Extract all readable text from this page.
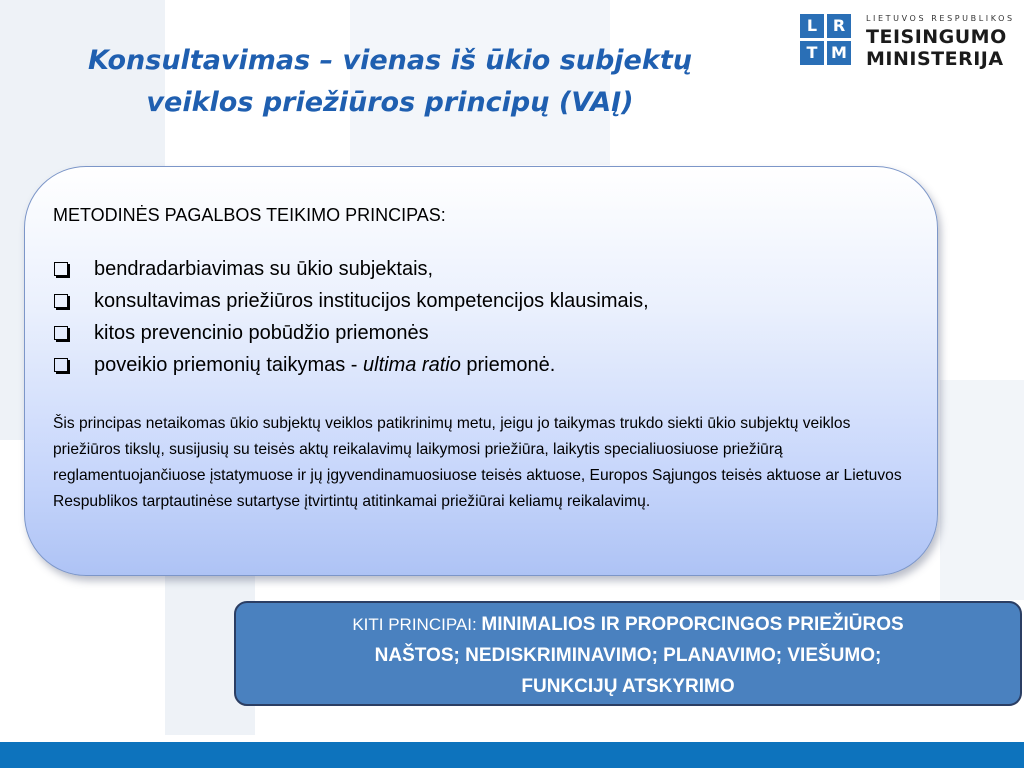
Konsultavimas – vienas iš ūkio subjektų
veiklos priežiūros principų (VAĮ)
L R
T M
LIETUVOS RESPUBLIKOS
TEISINGUMO
MINISTERIJA
METODINĖS PAGALBOS TEIKIMO PRINCIPAS:
bendradarbiavimas su ūkio subjektais,
konsultavimas priežiūros institucijos kompetencijos klausimais,
kitos prevencinio pobūdžio priemonės
poveikio priemonių taikymas - ultima ratio priemonė.

Šis principas netaikomas ūkio subjektų veiklos patikrinimų metu, jeigu jo taikymas trukdo siekti ūkio subjektų veiklos priežiūros tikslų, susijusių su teisės aktų reikalavimų laikymosi priežiūra, laikytis specialiuosiuose priežiūrą reglamentuojančiuose įstatymuose ir jų įgyvendinamuosiuose teisės aktuose, Europos Sąjungos teisės aktuose ar Lietuvos Respublikos tarptautinėse sutartyse įtvirtintų atitinkamai priežiūrai keliamų reikalavimų.

KITI PRINCIPAI: MINIMALIOS IR PROPORCINGOS PRIEŽIŪROS
NAŠTOS; NEDISKRIMINAVIMO; PLANAVIMO; VIEŠUMO;
FUNKCIJŲ ATSKYRIMO
